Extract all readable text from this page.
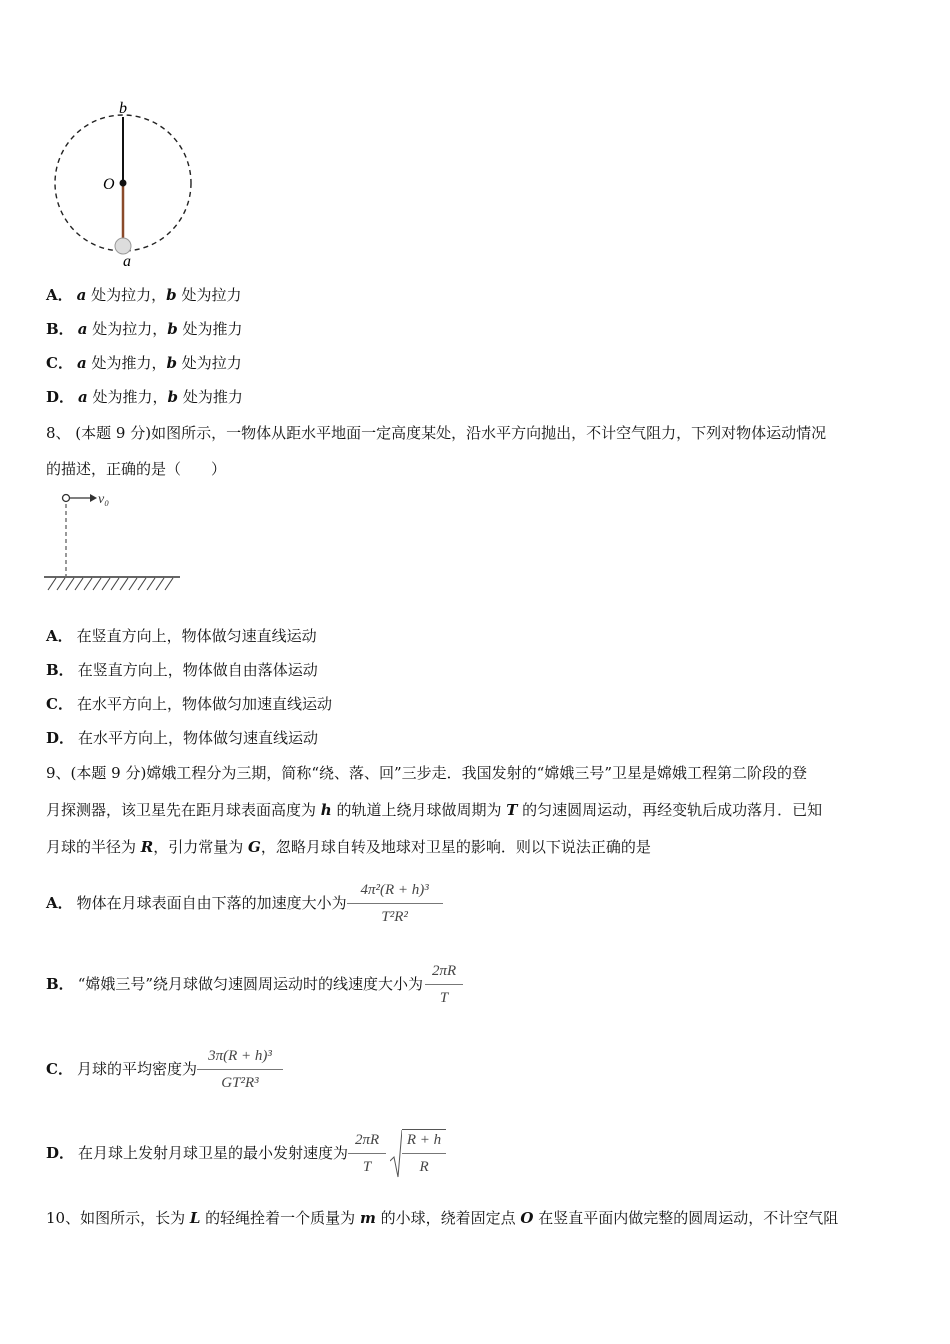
b
O
a
A． a 处为拉力，b 处为拉力
B． a 处为拉力，b 处为推力
C． a 处为推力，b 处为拉力
D． a 处为推力，b 处为推力
8、 (本题 9 分)如图所示，一物体从距水平地面一定高度某处，沿水平方向抛出，不计空气阻力，下列对物体运动情况
的描述，正确的是（　　）
v₀
A． 在竖直方向上，物体做匀速直线运动
B． 在竖直方向上，物体做自由落体运动
C． 在水平方向上，物体做匀加速直线运动
D． 在水平方向上，物体做匀速直线运动
9、(本题 9 分)嫦娥工程分为三期，简称“绕、落、回”三步走．我国发射的“嫦娥三号”卫星是嫦娥工程第二阶段的登
月探测器，该卫星先在距月球表面高度为 h 的轨道上绕月球做周期为 T 的匀速圆周运动，再经变轨后成功落月．已知
月球的半径为 R，引力常量为 G，忽略月球自转及地球对卫星的影响．则以下说法正确的是
A． 物体在月球表面自由下落的加速度大小为 $\frac{\text{4π²(R + h)³}}{\text{T²R²}}$
B． “嫦娥三号”绕月球做匀速圆周运动时的线速度大小为 $\frac{2\pi R}{T}$
C． 月球的平均密度为 $\frac{\text{3π(R + h)³}}{\text{GT²R³}}$
D． 在月球上发射月球卫星的最小发射速度为 $\frac{2\pi R}{T} \frac{R + h}{R}$
10、如图所示，长为 L 的轻绳拴着一个质量为 m 的小球，绕着固定点 O 在竖直平面内做完整的圆周运动，不计空气阻
